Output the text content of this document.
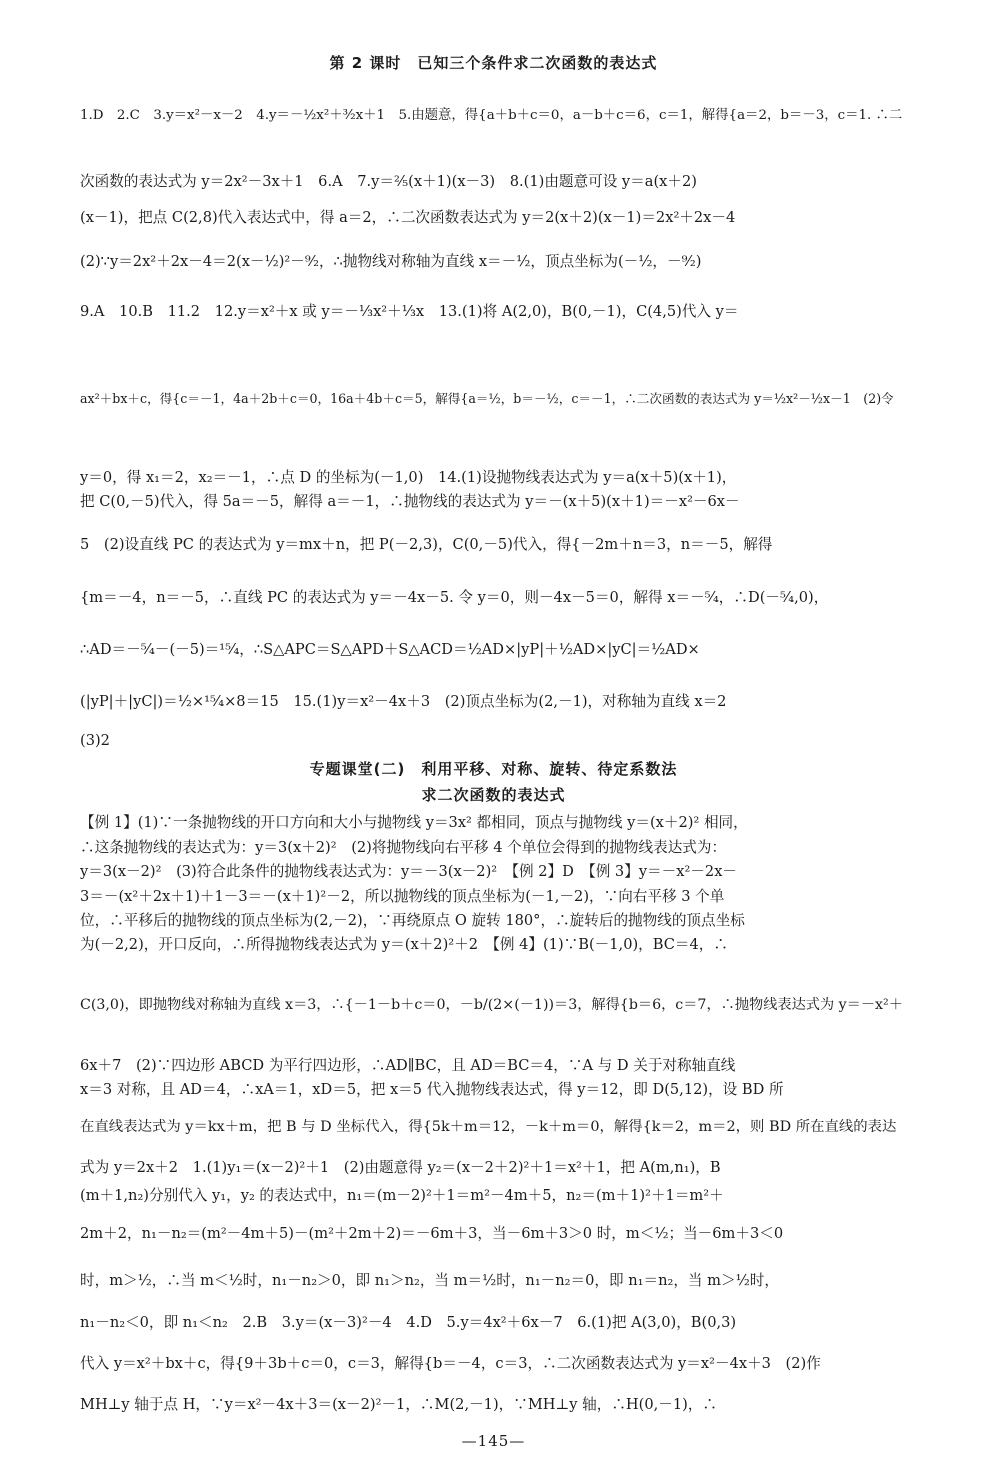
第 2 课时　已知三个条件求二次函数的表达式
1.D　2.C　3.y＝x²－x－2　4.y＝－½x²＋³⁄₂x＋1　5.由题意，得{a＋b＋c＝0，a－b＋c＝6，c＝1，解得{a＝2，b＝－3，c＝1. ∴二
次函数的表达式为 y＝2x²－3x＋1　6.A　7.y＝²⁄₅(x＋1)(x－3)　8.(1)由题意可设 y＝a(x＋2)
(x－1)，把点 C(2,8)代入表达式中，得 a＝2，∴二次函数表达式为 y＝2(x＋2)(x－1)＝2x²＋2x－4
(2)∵y＝2x²＋2x－4＝2(x－½)²－⁹⁄₂，∴抛物线对称轴为直线 x＝－½，顶点坐标为(－½，－⁹⁄₂)
9.A　10.B　11.2　12.y＝x²＋x 或 y＝－⅓x²＋⅓x　13.(1)将 A(2,0)，B(0,－1)，C(4,5)代入 y＝
ax²＋bx＋c，得{c＝－1，4a＋2b＋c＝0，16a＋4b＋c＝5，解得{a＝½，b＝－½，c＝－1，∴二次函数的表达式为 y＝½x²－½x－1　(2)令
y＝0，得 x₁＝2，x₂＝－1，∴点 D 的坐标为(－1,0)　14.(1)设抛物线表达式为 y＝a(x＋5)(x＋1)，
把 C(0,－5)代入，得 5a＝－5，解得 a＝－1，∴抛物线的表达式为 y＝－(x＋5)(x＋1)＝－x²－6x－
5　(2)设直线 PC 的表达式为 y＝mx＋n，把 P(－2,3)，C(0,－5)代入，得{－2m＋n＝3，n＝－5，解得
{m＝－4，n＝－5，∴直线 PC 的表达式为 y＝－4x－5. 令 y＝0，则－4x－5＝0，解得 x＝－⁵⁄₄，∴D(－⁵⁄₄,0)，
∴AD＝－⁵⁄₄－(－5)＝¹⁵⁄₄，∴S△APC＝S△APD＋S△ACD＝½AD×|yP|＋½AD×|yC|＝½AD×
(|yP|＋|yC|)＝½×¹⁵⁄₄×8＝15　15.(1)y＝x²－4x＋3　(2)顶点坐标为(2,－1)，对称轴为直线 x＝2
(3)2
专题课堂(二)　利用平移、对称、旋转、待定系数法
求二次函数的表达式
【例 1】(1)∵一条抛物线的开口方向和大小与抛物线 y＝3x² 都相同，顶点与抛物线 y＝(x＋2)² 相同，
∴这条抛物线的表达式为：y＝3(x＋2)²　(2)将抛物线向右平移 4 个单位会得到的抛物线表达式为：
y＝3(x－2)²　(3)符合此条件的抛物线表达式为：y＝－3(x－2)²　【例 2】D　【例 3】y＝－x²－2x－
3＝－(x²＋2x＋1)＋1－3＝－(x＋1)²－2，所以抛物线的顶点坐标为(－1,－2)，∵向右平移 3 个单
位，∴平移后的抛物线的顶点坐标为(2,－2)，∵再绕原点 O 旋转 180°，∴旋转后的抛物线的顶点坐标
为(－2,2)，开口反向，∴所得抛物线表达式为 y＝(x＋2)²＋2　【例 4】(1)∵B(－1,0)，BC＝4，∴
C(3,0)，即抛物线对称轴为直线 x＝3，∴{－1－b＋c＝0，－b/(2×(－1))＝3，解得{b＝6，c＝7，∴抛物线表达式为 y＝－x²＋
6x＋7　(2)∵四边形 ABCD 为平行四边形，∴AD∥BC，且 AD＝BC＝4，∵A 与 D 关于对称轴直线
x＝3 对称，且 AD＝4，∴xA＝1，xD＝5，把 x＝5 代入抛物线表达式，得 y＝12，即 D(5,12)，设 BD 所
在直线表达式为 y＝kx＋m，把 B 与 D 坐标代入，得{5k＋m＝12，－k＋m＝0，解得{k＝2，m＝2，则 BD 所在直线的表达
式为 y＝2x＋2　1.(1)y₁＝(x－2)²＋1　(2)由题意得 y₂＝(x－2＋2)²＋1＝x²＋1，把 A(m,n₁)，B
(m＋1,n₂)分别代入 y₁，y₂ 的表达式中，n₁＝(m－2)²＋1＝m²－4m＋5，n₂＝(m＋1)²＋1＝m²＋
2m＋2，n₁－n₂＝(m²－4m＋5)－(m²＋2m＋2)＝－6m＋3，当－6m＋3＞0 时，m＜½；当－6m＋3＜0
时，m＞½，∴当 m＜½时，n₁－n₂＞0，即 n₁＞n₂，当 m＝½时，n₁－n₂＝0，即 n₁＝n₂，当 m＞½时，
n₁－n₂＜0，即 n₁＜n₂　2.B　3.y＝(x－3)²－4　4.D　5.y＝4x²＋6x－7　6.(1)把 A(3,0)，B(0,3)
代入 y＝x²＋bx＋c，得{9＋3b＋c＝0，c＝3，解得{b＝－4，c＝3，∴二次函数表达式为 y＝x²－4x＋3　(2)作
MH⊥y 轴于点 H，∵y＝x²－4x＋3＝(x－2)²－1，∴M(2,－1)，∵MH⊥y 轴，∴H(0,－1)，∴
—145—
